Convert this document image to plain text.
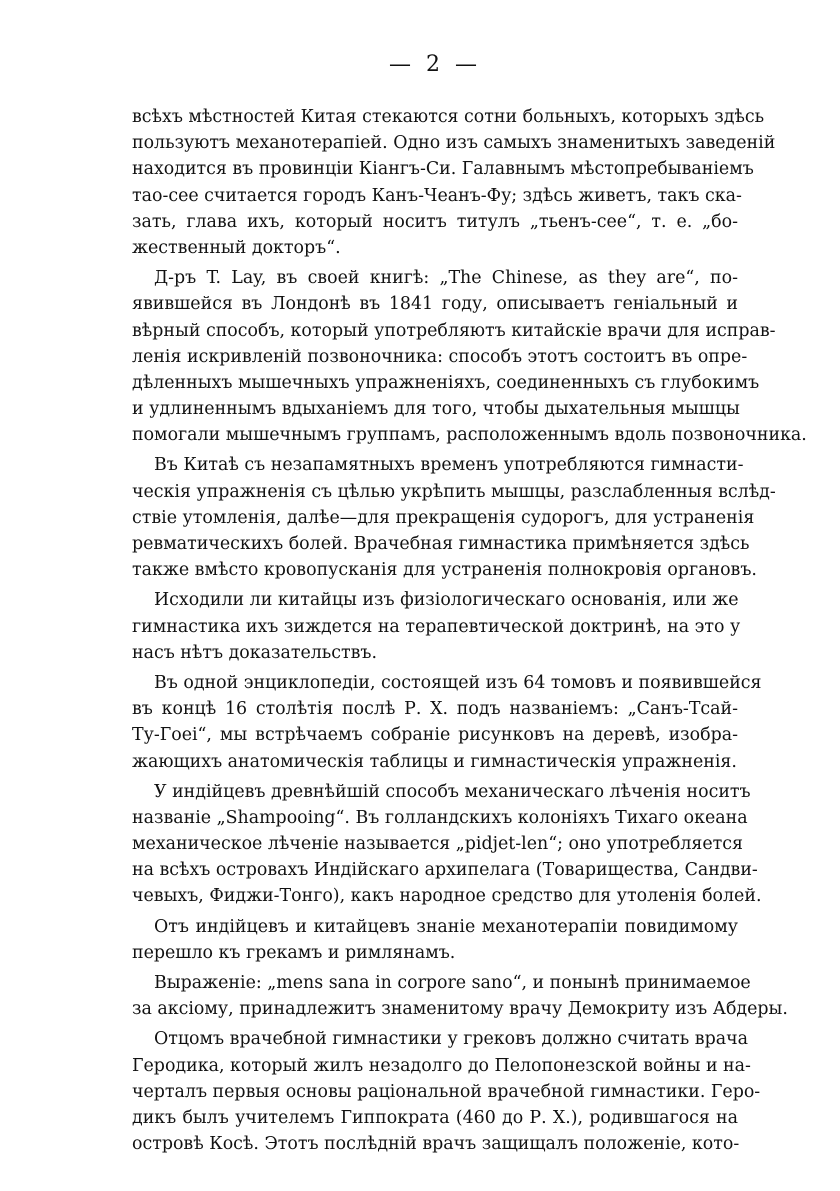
— 2 —
всѣхъ мѣстностей Китая стекаются сотни больныхъ, которыхъ здѣсь
пользуютъ механотерапіей. Одно изъ самыхъ знаменитыхъ заведеній
находится въ провинціи Кіангъ-Си. Галавнымъ мѣстопребываніемъ
тао-сее считается городъ Канъ-Чеанъ-Фу; здѣсь живетъ, такъ ска-
зать, глава ихъ, который носитъ титулъ „тьенъ-сее“, т. е. „бо-
жественный докторъ“.
Д-ръ T. Lay, въ своей книгѣ: „The Chinese, as they are“, по-
явившейся въ Лондонѣ въ 1841 году, описываетъ геніальный и
вѣрный способъ, который употребляютъ китайскіе врачи для исправ-
ленія искривленій позвоночника: способъ этотъ состоитъ въ опре-
дѣленныхъ мышечныхъ упражненіяхъ, соединенныхъ съ глубокимъ
и удлиненнымъ вдыханіемъ для того, чтобы дыхательныя мышцы
помогали мышечнымъ группамъ, расположеннымъ вдоль позвоночника.
Въ Китаѣ съ незапамятныхъ временъ употребляются гимнасти-
ческія упражненія съ цѣлью укрѣпить мышцы, разслабленныя вслѣд-
ствіе утомленія, далѣе—для прекращенія судорогъ, для устраненія
ревматическихъ болей. Врачебная гимнастика примѣняется здѣсь
также вмѣсто кровопусканія для устраненія полнокровія органовъ.
Исходили ли китайцы изъ физіологическаго основанія, или же
гимнастика ихъ зиждется на терапевтической доктринѣ, на это у
насъ нѣтъ доказательствъ.
Въ одной энциклопедіи, состоящей изъ 64 томовъ и появившейся
въ концѣ 16 столѣтія послѣ Р. Х. подъ названіемъ: „Санъ-Тсай-
Ту-Гоеі“, мы встрѣчаемъ собраніе рисунковъ на деревѣ, изобра-
жающихъ анатомическія таблицы и гимнастическія упражненія.
У индійцевъ древнѣйшій способъ механическаго лѣченія носитъ
названіе „Shampooing“. Въ голландскихъ колоніяхъ Тихаго океана
механическое лѣченіе называется „pidjet-len“; оно употребляется
на всѣхъ островахъ Индійскаго архипелага (Товарищества, Сандви-
чевыхъ, Фиджи-Тонго), какъ народное средство для утоленія болей.
Отъ индійцевъ и китайцевъ знаніе механотерапіи повидимому
перешло къ грекамъ и римлянамъ.
Выраженіе: „mens sana in corpore sano“, и понынѣ принимаемое
за аксіому, принадлежитъ знаменитому врачу Демокриту изъ Абдеры.
Отцомъ врачебной гимнастики у грековъ должно считать врача
Геродика, который жилъ незадолго до Пелопонезской войны и на-
черталъ первыя основы раціональной врачебной гимнастики. Геро-
дикъ былъ учителемъ Гиппократа (460 до Р. Х.), родившагося на
островѣ Косѣ. Этотъ послѣдній врачъ защищалъ положеніе, кото-
